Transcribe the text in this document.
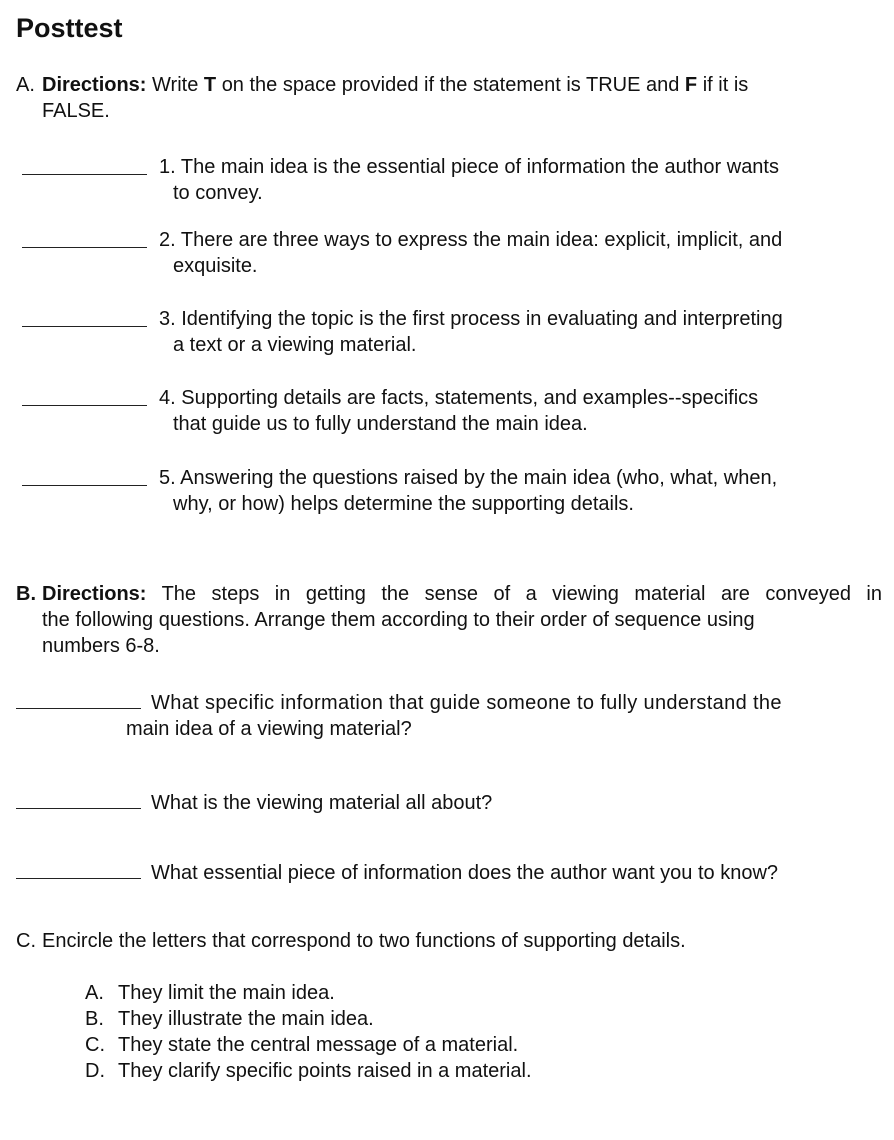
Posttest
A. Directions: Write T on the space provided if the statement is TRUE and F if it is
FALSE.
1. The main idea is the essential piece of information the author wants
to convey.
2. There are three ways to express the main idea: explicit, implicit, and
exquisite.
3. Identifying the topic is the first process in evaluating and interpreting
a text or a viewing material.
4. Supporting details are facts, statements, and examples--specifics
that guide us to fully understand the main idea.
5. Answering the questions raised by the main idea (who, what, when,
why, or how) helps determine the supporting details.
B. Directions: The steps in getting the sense of a viewing material are conveyed in
the following questions. Arrange them according to their order of sequence using
numbers 6-8.
What specific information that guide someone to fully understand the
main idea of a viewing material?
What is the viewing material all about?
What essential piece of information does the author want you to know?
C. Encircle the letters that correspond to two functions of supporting details.
A. They limit the main idea.
B. They illustrate the main idea.
C. They state the central message of a material.
D. They clarify specific points raised in a material.
